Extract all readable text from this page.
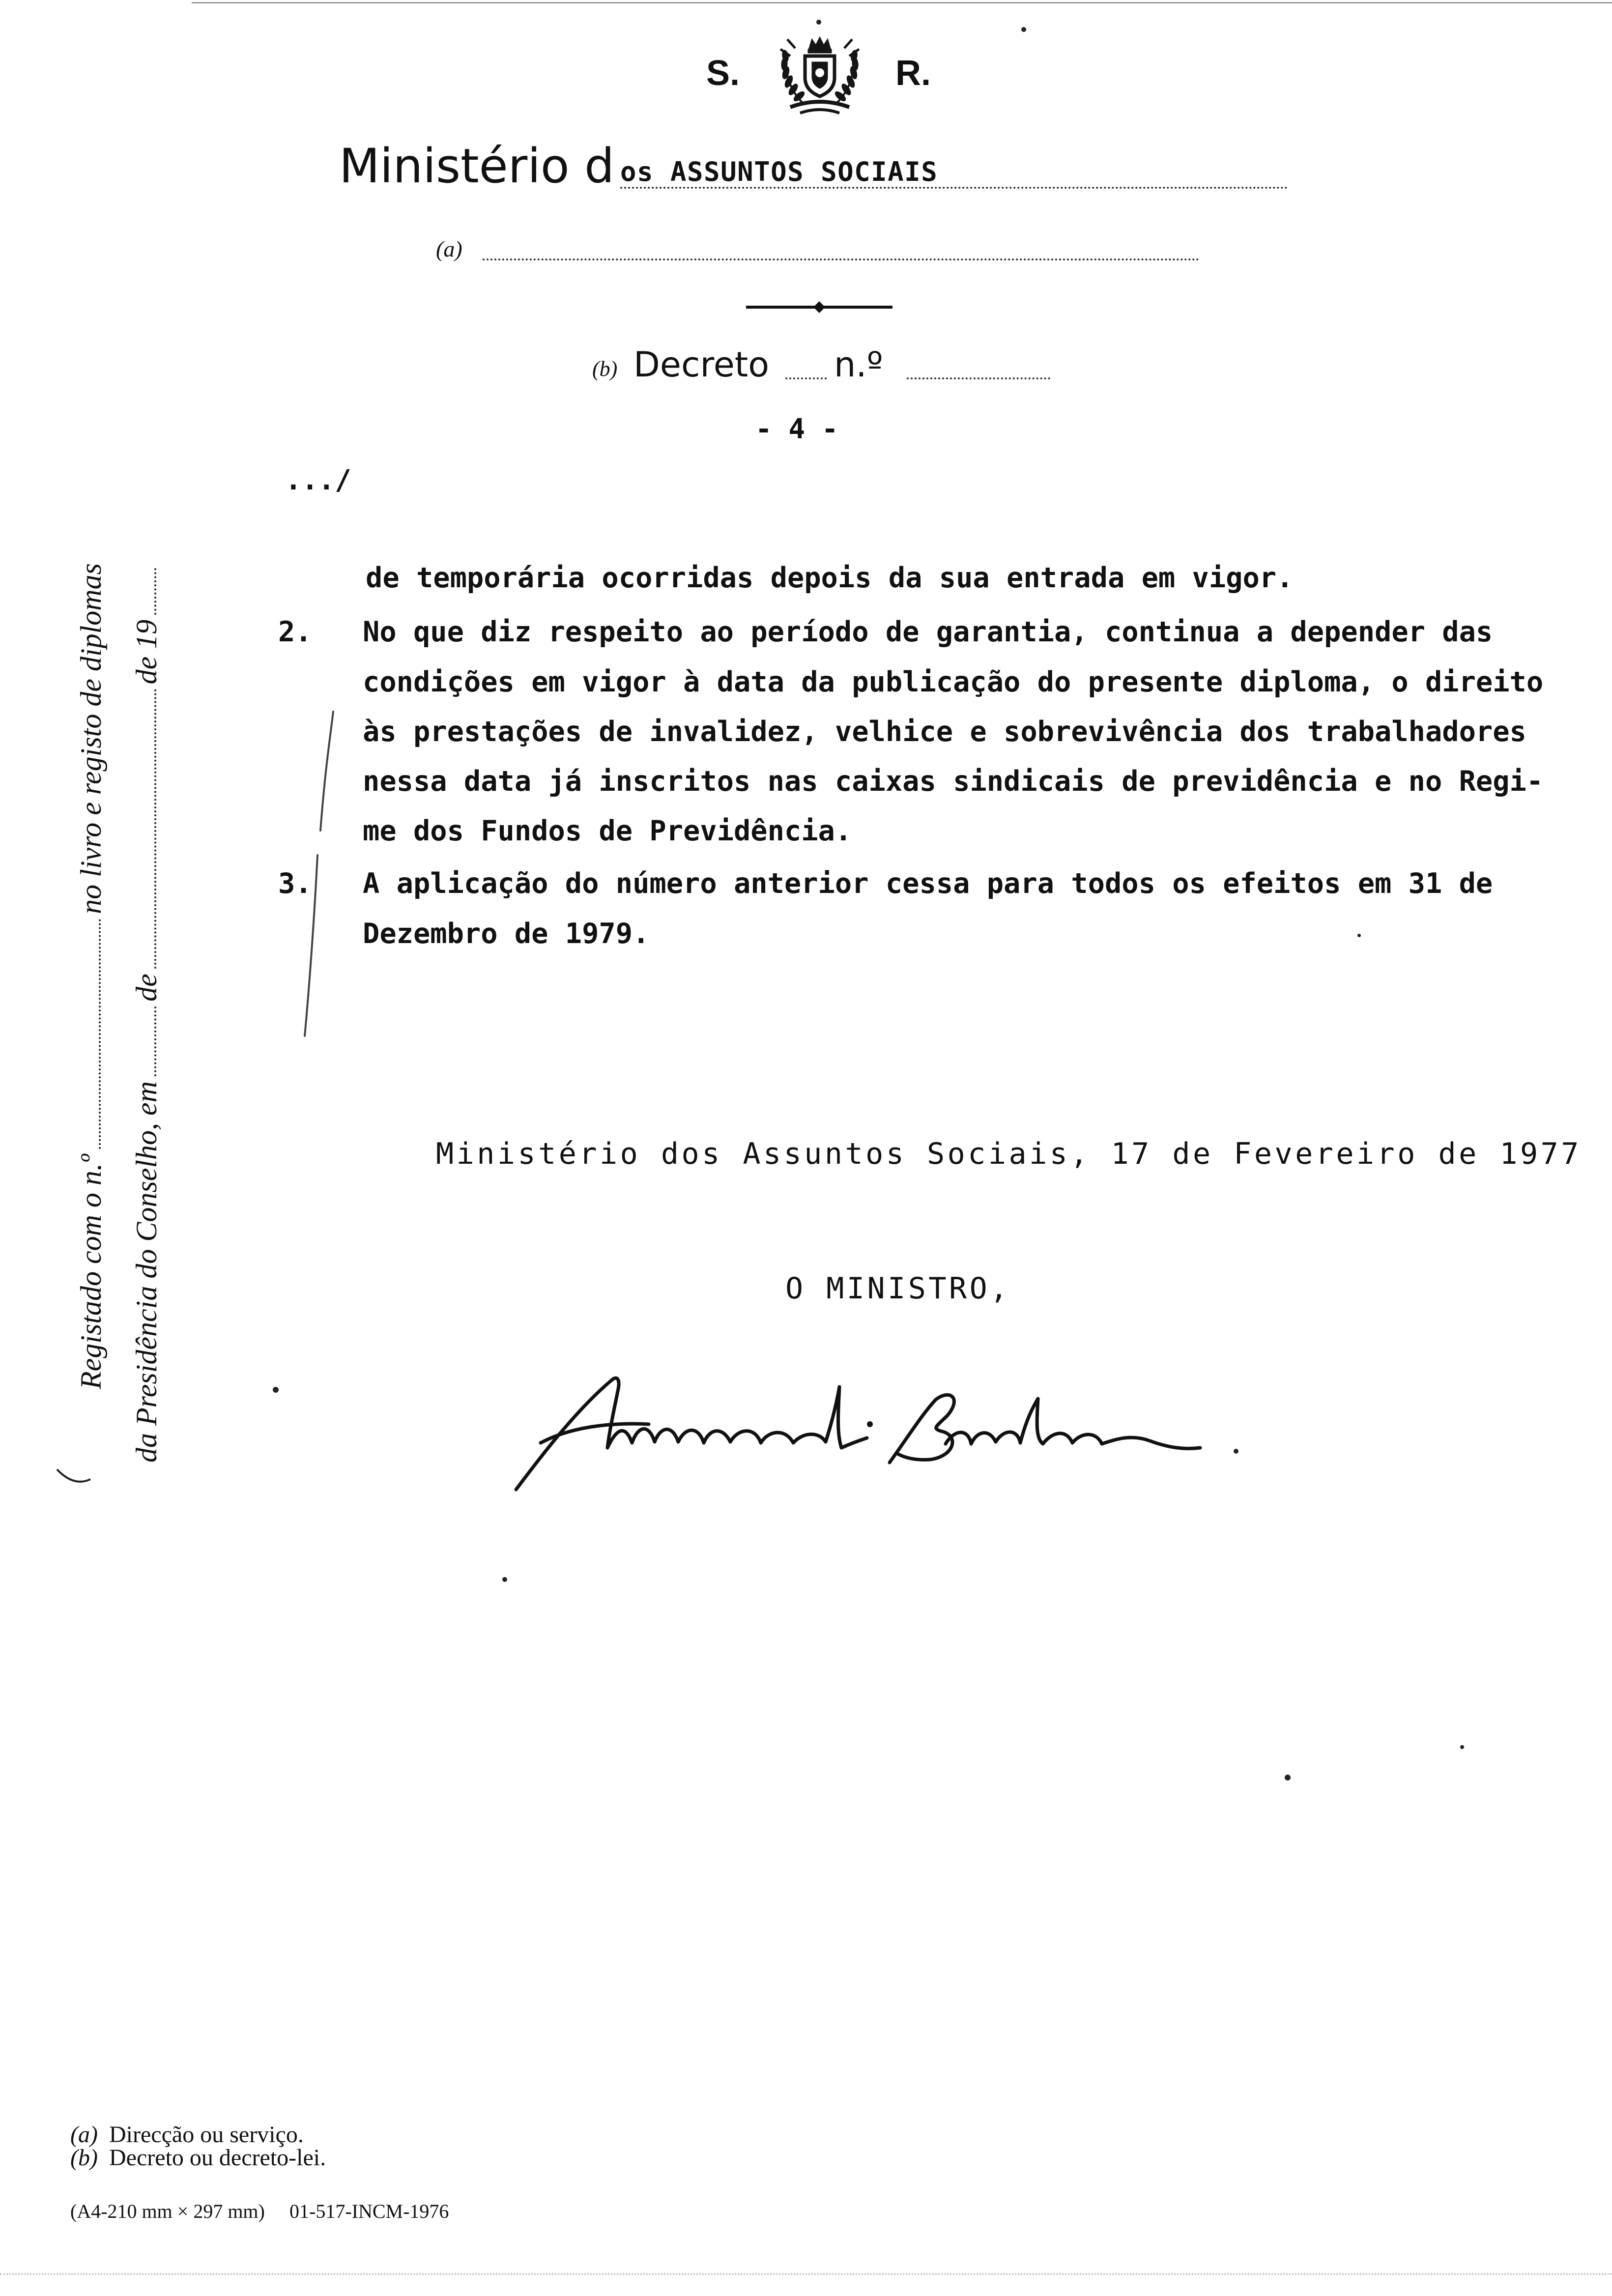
S.	R.
Ministério d os ASSUNTOS SOCIAIS
(a)
(b) Decreto n.º
- 4 -
.../
de temporária ocorridas depois da sua entrada em vigor.
2. No que diz respeito ao período de garantia, continua a depender das
condições em vigor à data da publicação do presente diploma, o direito
às prestações de invalidez, velhice e sobrevivência dos trabalhadores
nessa data já inscritos nas caixas sindicais de previdência e no Regi-
me dos Fundos de Previdência.
3. A aplicação do número anterior cessa para todos os efeitos em 31 de
Dezembro de 1979.
Ministério dos Assuntos Sociais, 17 de Fevereiro de 1977
O MINISTRO,
Registado com o n.º
no livro e registo de diplomas
da Presidência do Conselho, em
de
de 19
(a) Direcção ou serviço.
(b) Decreto ou decreto-lei.
(A4-210 mm × 297 mm) 01-517-INCM-1976
